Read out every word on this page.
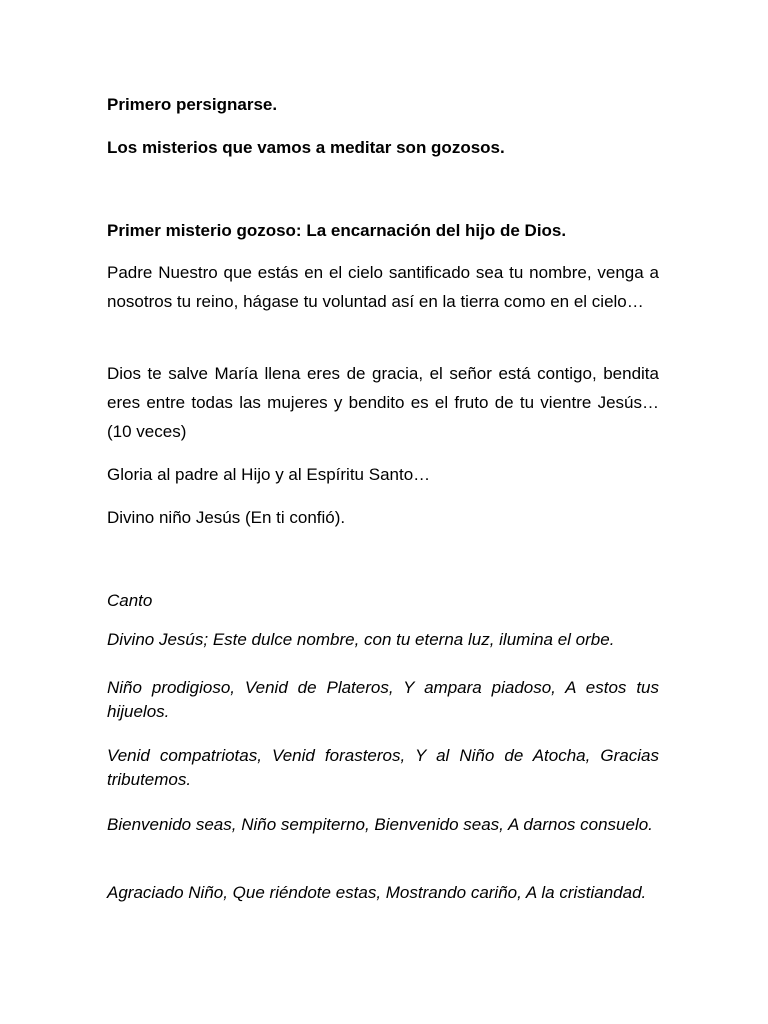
Primero persignarse.

Los misterios que vamos a meditar son gozosos.

Primer misterio gozoso: La encarnación del hijo de Dios.

Padre Nuestro que estás en el cielo santificado sea tu nombre, venga a nosotros tu reino, hágase tu voluntad así en la tierra como en el cielo…

Dios te salve María llena eres de gracia, el señor está contigo, bendita eres entre todas las mujeres y bendito es el fruto de tu vientre Jesús… (10 veces)

Gloria al padre al Hijo y al Espíritu Santo…

Divino niño Jesús (En ti confió).

Canto

Divino Jesús; Este dulce nombre, con tu eterna luz, ilumina el orbe.

Niño prodigioso, Venid de Plateros, Y ampara piadoso, A estos tus hijuelos.

Venid compatriotas, Venid forasteros, Y al Niño de Atocha, Gracias tributemos.

Bienvenido seas, Niño sempiterno, Bienvenido seas, A darnos consuelo.

Agraciado Niño, Que riéndote estas, Mostrando cariño, A la cristiandad.
